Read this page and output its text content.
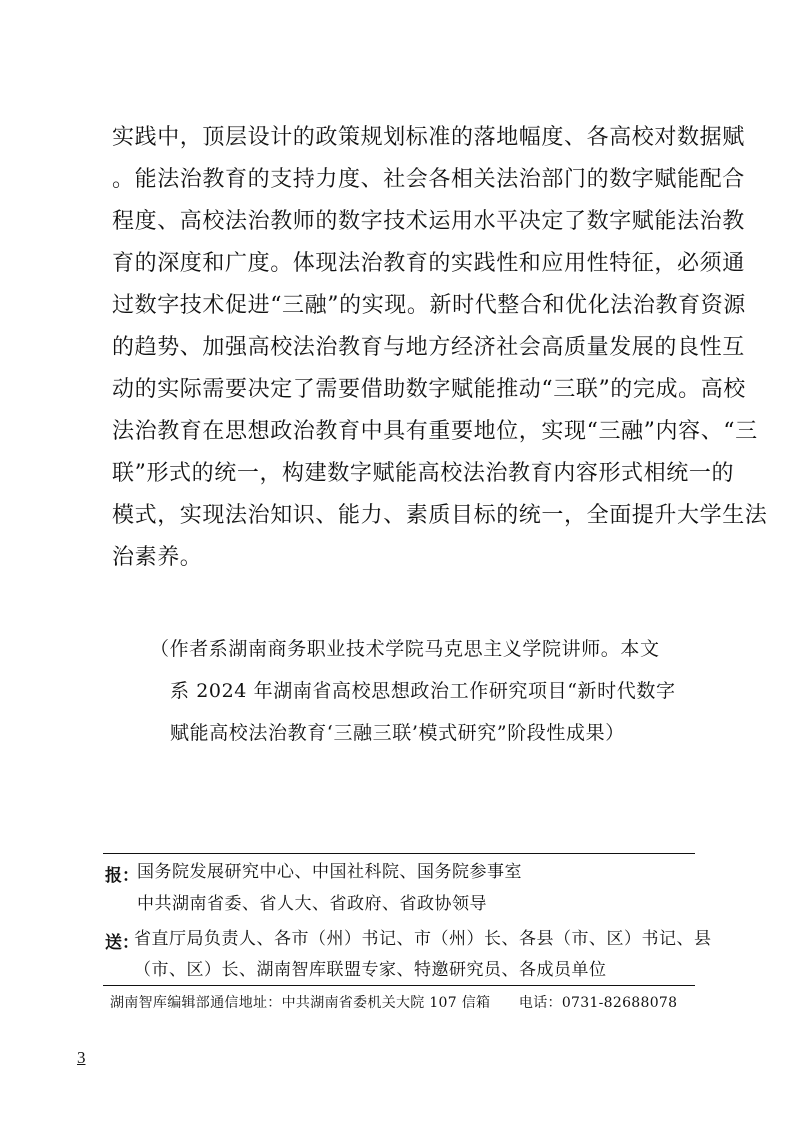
实践中，顶层设计的政策规划标准的落地幅度、各高校对数据赋
。能法治教育的支持力度、社会各相关法治部门的数字赋能配合
程度、高校法治教师的数字技术运用水平决定了数字赋能法治教
育的深度和广度。体现法治教育的实践性和应用性特征，必须通
过数字技术促进“三融”的实现。新时代整合和优化法治教育资源
的趋势、加强高校法治教育与地方经济社会高质量发展的良性互
动的实际需要决定了需要借助数字赋能推动“三联”的完成。高校
法治教育在思想政治教育中具有重要地位，实现“三融”内容、“三
联”形式的统一，构建数字赋能高校法治教育内容形式相统一的
模式，实现法治知识、能力、素质目标的统一，全面提升大学生法
治素养。
（作者系湖南商务职业技术学院马克思主义学院讲师。本文
系 2024 年湖南省高校思想政治工作研究项目“新时代数字
赋能高校法治教育‘三融三联’模式研究”阶段性成果）
报：
国务院发展研究中心、中国社科院、国务院参事室
中共湖南省委、省人大、省政府、省政协领导
送：
省直厅局负责人、各市（州）书记、市（州）长、各县（市、区）书记、县
（市、区）长、湖南智库联盟专家、特邀研究员、各成员单位
湖南智库编辑部通信地址：中共湖南省委机关大院 107 信箱　　电话：0731-82688078
3
